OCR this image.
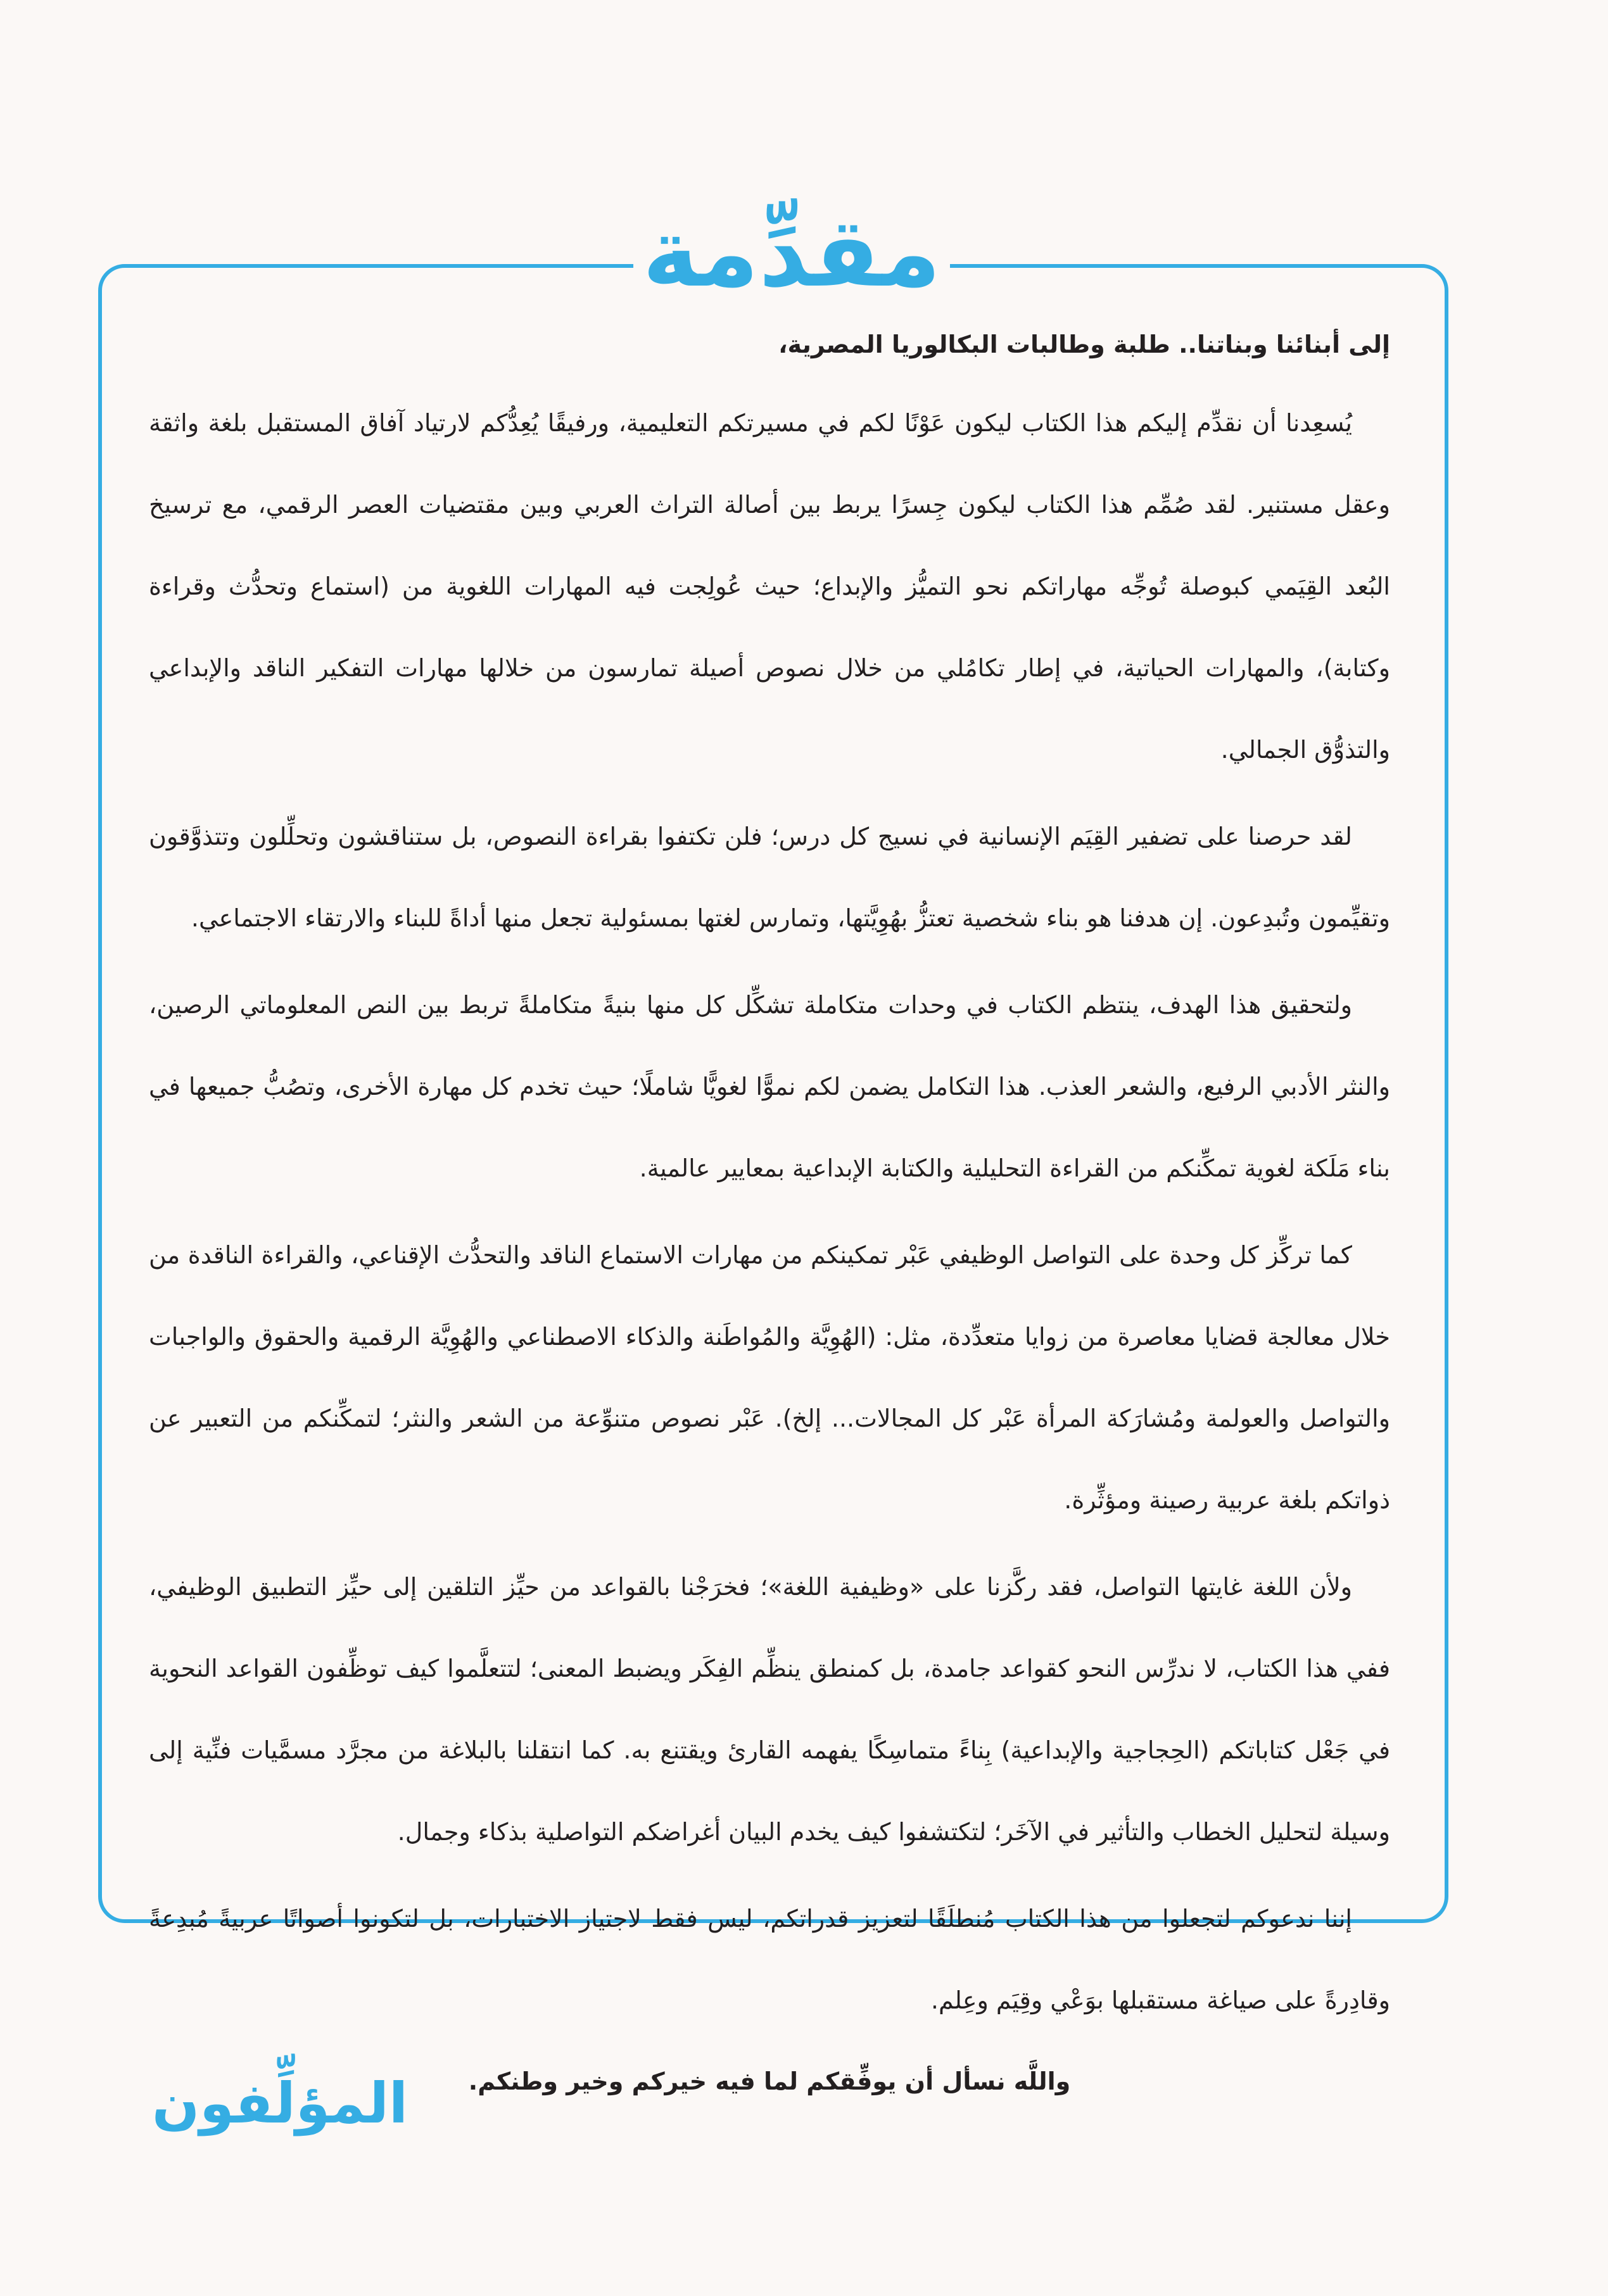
مقدِّمة

إلى أبنائنا وبناتنا.. طلبة وطالبات البكالوريا المصرية،

يُسعِدنا أن نقدِّم إليكم هذا الكتاب ليكون عَوْنًا لكم في مسيرتكم التعليمية، ورفيقًا يُعِدُّكم لارتياد آفاق المستقبل بلغة واثقة وعقل مستنير. لقد صُمِّم هذا الكتاب ليكون جِسرًا يربط بين أصالة التراث العربي وبين مقتضيات العصر الرقمي، مع ترسيخ البُعد القِيَمي كبوصلة تُوجِّه مهاراتكم نحو التميُّز والإبداع؛ حيث عُولِجت فيه المهارات اللغوية من (استماع وتحدُّث وقراءة وكتابة)، والمهارات الحياتية، في إطار تكامُلي من خلال نصوص أصيلة تمارسون من خلالها مهارات التفكير الناقد والإبداعي والتذوُّق الجمالي.

لقد حرصنا على تضفير القِيَم الإنسانية في نسيج كل درس؛ فلن تكتفوا بقراءة النصوص، بل ستناقشون وتحلِّلون وتتذوَّقون وتقيِّمون وتُبدِعون. إن هدفنا هو بناء شخصية تعتزُّ بهُوِيَّتها، وتمارس لغتها بمسئولية تجعل منها أداةً للبناء والارتقاء الاجتماعي.

ولتحقيق هذا الهدف، ينتظم الكتاب في وحدات متكاملة تشكِّل كل منها بنيةً متكاملةً تربط بين النص المعلوماتي الرصين، والنثر الأدبي الرفيع، والشعر العذب. هذا التكامل يضمن لكم نموًّا لغويًّا شاملًا؛ حيث تخدم كل مهارة الأخرى، وتصُبُّ جميعها في بناء مَلَكة لغوية تمكِّنكم من القراءة التحليلية والكتابة الإبداعية بمعايير عالمية.

كما تركِّز كل وحدة على التواصل الوظيفي عَبْر تمكينكم من مهارات الاستماع الناقد والتحدُّث الإقناعي، والقراءة الناقدة من خلال معالجة قضايا معاصرة من زوايا متعدِّدة، مثل: (الهُوِيَّة والمُواطَنة والذكاء الاصطناعي والهُوِيَّة الرقمية والحقوق والواجبات والتواصل والعولمة ومُشارَكة المرأة عَبْر كل المجالات... إلخ). عَبْر نصوص متنوِّعة من الشعر والنثر؛ لتمكِّنكم من التعبير عن ذواتكم بلغة عربية رصينة ومؤثِّرة.

ولأن اللغة غايتها التواصل، فقد ركَّزنا على «وظيفية اللغة»؛ فخرَجْنا بالقواعد من حيِّز التلقين إلى حيِّز التطبيق الوظيفي، ففي هذا الكتاب، لا ندرِّس النحو كقواعد جامدة، بل كمنطق ينظِّم الفِكَر ويضبط المعنى؛ لتتعلَّموا كيف توظِّفون القواعد النحوية في جَعْل كتاباتكم (الحِجاجية والإبداعية) بِناءً متماسِكًا يفهمه القارئ ويقتنع به. كما انتقلنا بالبلاغة من مجرَّد مسمَّيات فنِّية إلى وسيلة لتحليل الخطاب والتأثير في الآخَر؛ لتكتشفوا كيف يخدم البيان أغراضكم التواصلية بذكاء وجمال.

إننا ندعوكم لتجعلوا من هذا الكتاب مُنطلَقًا لتعزيز قدراتكم، ليس فقط لاجتياز الاختبارات، بل لتكونوا أصواتًا عربيةً مُبدِعةً وقادِرةً على صياغة مستقبلها بوَعْي وقِيَم وعِلم.

واللَّه نسأل أن يوفِّقكم لما فيه خيركم وخير وطنكم.

المؤلِّفون
